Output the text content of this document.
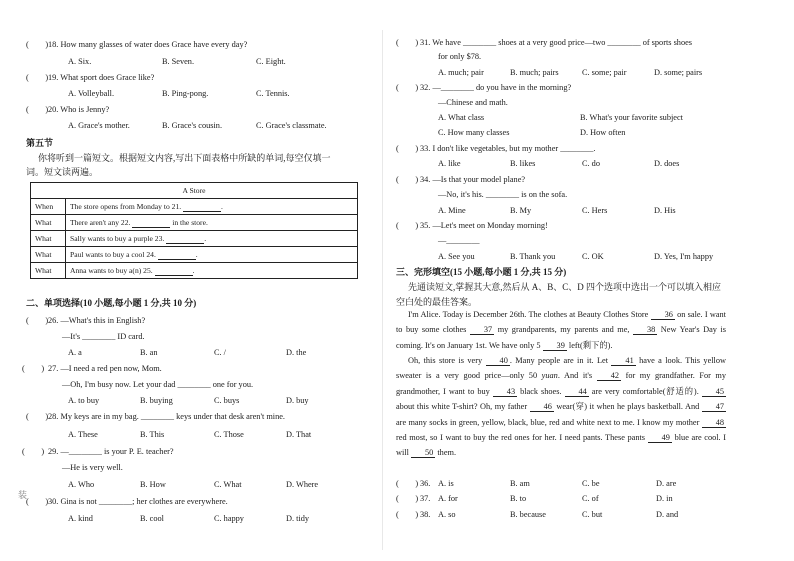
装
(　　) 18. How many glasses of water does Grace have every day?
A. Six.	B. Seven.	C. Eight.
(　　) 19. What sport does Grace like?
A. Volleyball.	B. Ping-pong.	C. Tennis.
(　　) 20. Who is Jenny?
A. Grace's mother.	B. Grace's cousin.	C. Grace's classmate.
第五节
你将听到一篇短文。根据短文内容,写出下面表格中所缺的单词,每空仅填一
词。短文读两遍。
A Store	
When	The store opens from Monday to 21. .
What	There aren't any 22. in the store.
What	Sally wants to buy a purple 23. .
What	Paul wants to buy a cool 24. .
What	Anna wants to buy a(n) 25. .
二、单项选择(10 小题,每小题 1 分,共 10 分)
(　　) 26. —What's this in English?
—It's ________ ID card.
A. a	B. an	C. /	D. the
(　　) 27. —I need a red pen now, Mom.
—Oh, I'm busy now. Let your dad ________ one for you.
A. to buy	B. buying	C. buys	D. buy
(　　) 28. My keys are in my bag. ________ keys under that desk aren't mine.
A. These	B. This	C. Those	D. That
(　　) 29. —________ is your P. E. teacher?
—He is very well.
A. Who	B. How	C. What	D. Where
(　　) 30. Gina is not ________; her clothes are everywhere.
A. kind	B. cool	C. happy	D. tidy
(　　) 31. We have ________ shoes at a very good price—two ________ of sports shoes
for only $78.
A. much; pair	B. much; pairs	C. some; pair	D. some; pairs
(　　) 32. —________ do you have in the morning?
—Chinese and math.
A. What class	B. What's your favorite subject
C. How many classes	D. How often
(　　) 33. I don't like vegetables, but my mother ________.
A. like	B. likes	C. do	D. does
(　　) 34. —Is that your model plane?
—No, it's his. ________ is on the sofa.
A. Mine	B. My	C. Hers	D. His
(　　) 35. —Let's meet on Monday morning!
—________
A. See you	B. Thank you	C. OK	D. Yes, I'm happy
三、完形填空(15 小题,每小题 1 分,共 15 分)
先通读短文,掌握其大意,然后从 A、B、C、D 四个选项中选出一个可以填入相应
空白处的最佳答案。
I'm Alice. Today is December 26th. The clothes at Beauty Clothes Store 36 on sale. I want to buy some clothes 37 my grandparents, my parents and me, 38 New Year's Day is coming. It's on January 1st. We have only 5 39 left(剩下的).
Oh, this store is very 40 . Many people are in it. Let 41 have a look. This yellow sweater is a very good price—only 50 yuan. And it's 42 for my grandfather. For my grandmother, I want to buy 43 black shoes. 44 are very comfortable(舒适的). 45 about this white T-shirt? Oh, my father 46 wear(穿) it when he plays basketball. And 47 are many socks in green, yellow, black, blue, red and white next to me. I know my mother 48 red most, so I want to buy the red ones for her. I need pants. These pants 49 blue are cool. I will 50 them.
(　　) 36. A. is	B. am	C. be	D. are
(　　) 37. A. for	B. to	C. of	D. in
(　　) 38. A. so	B. because	C. but	D. and
